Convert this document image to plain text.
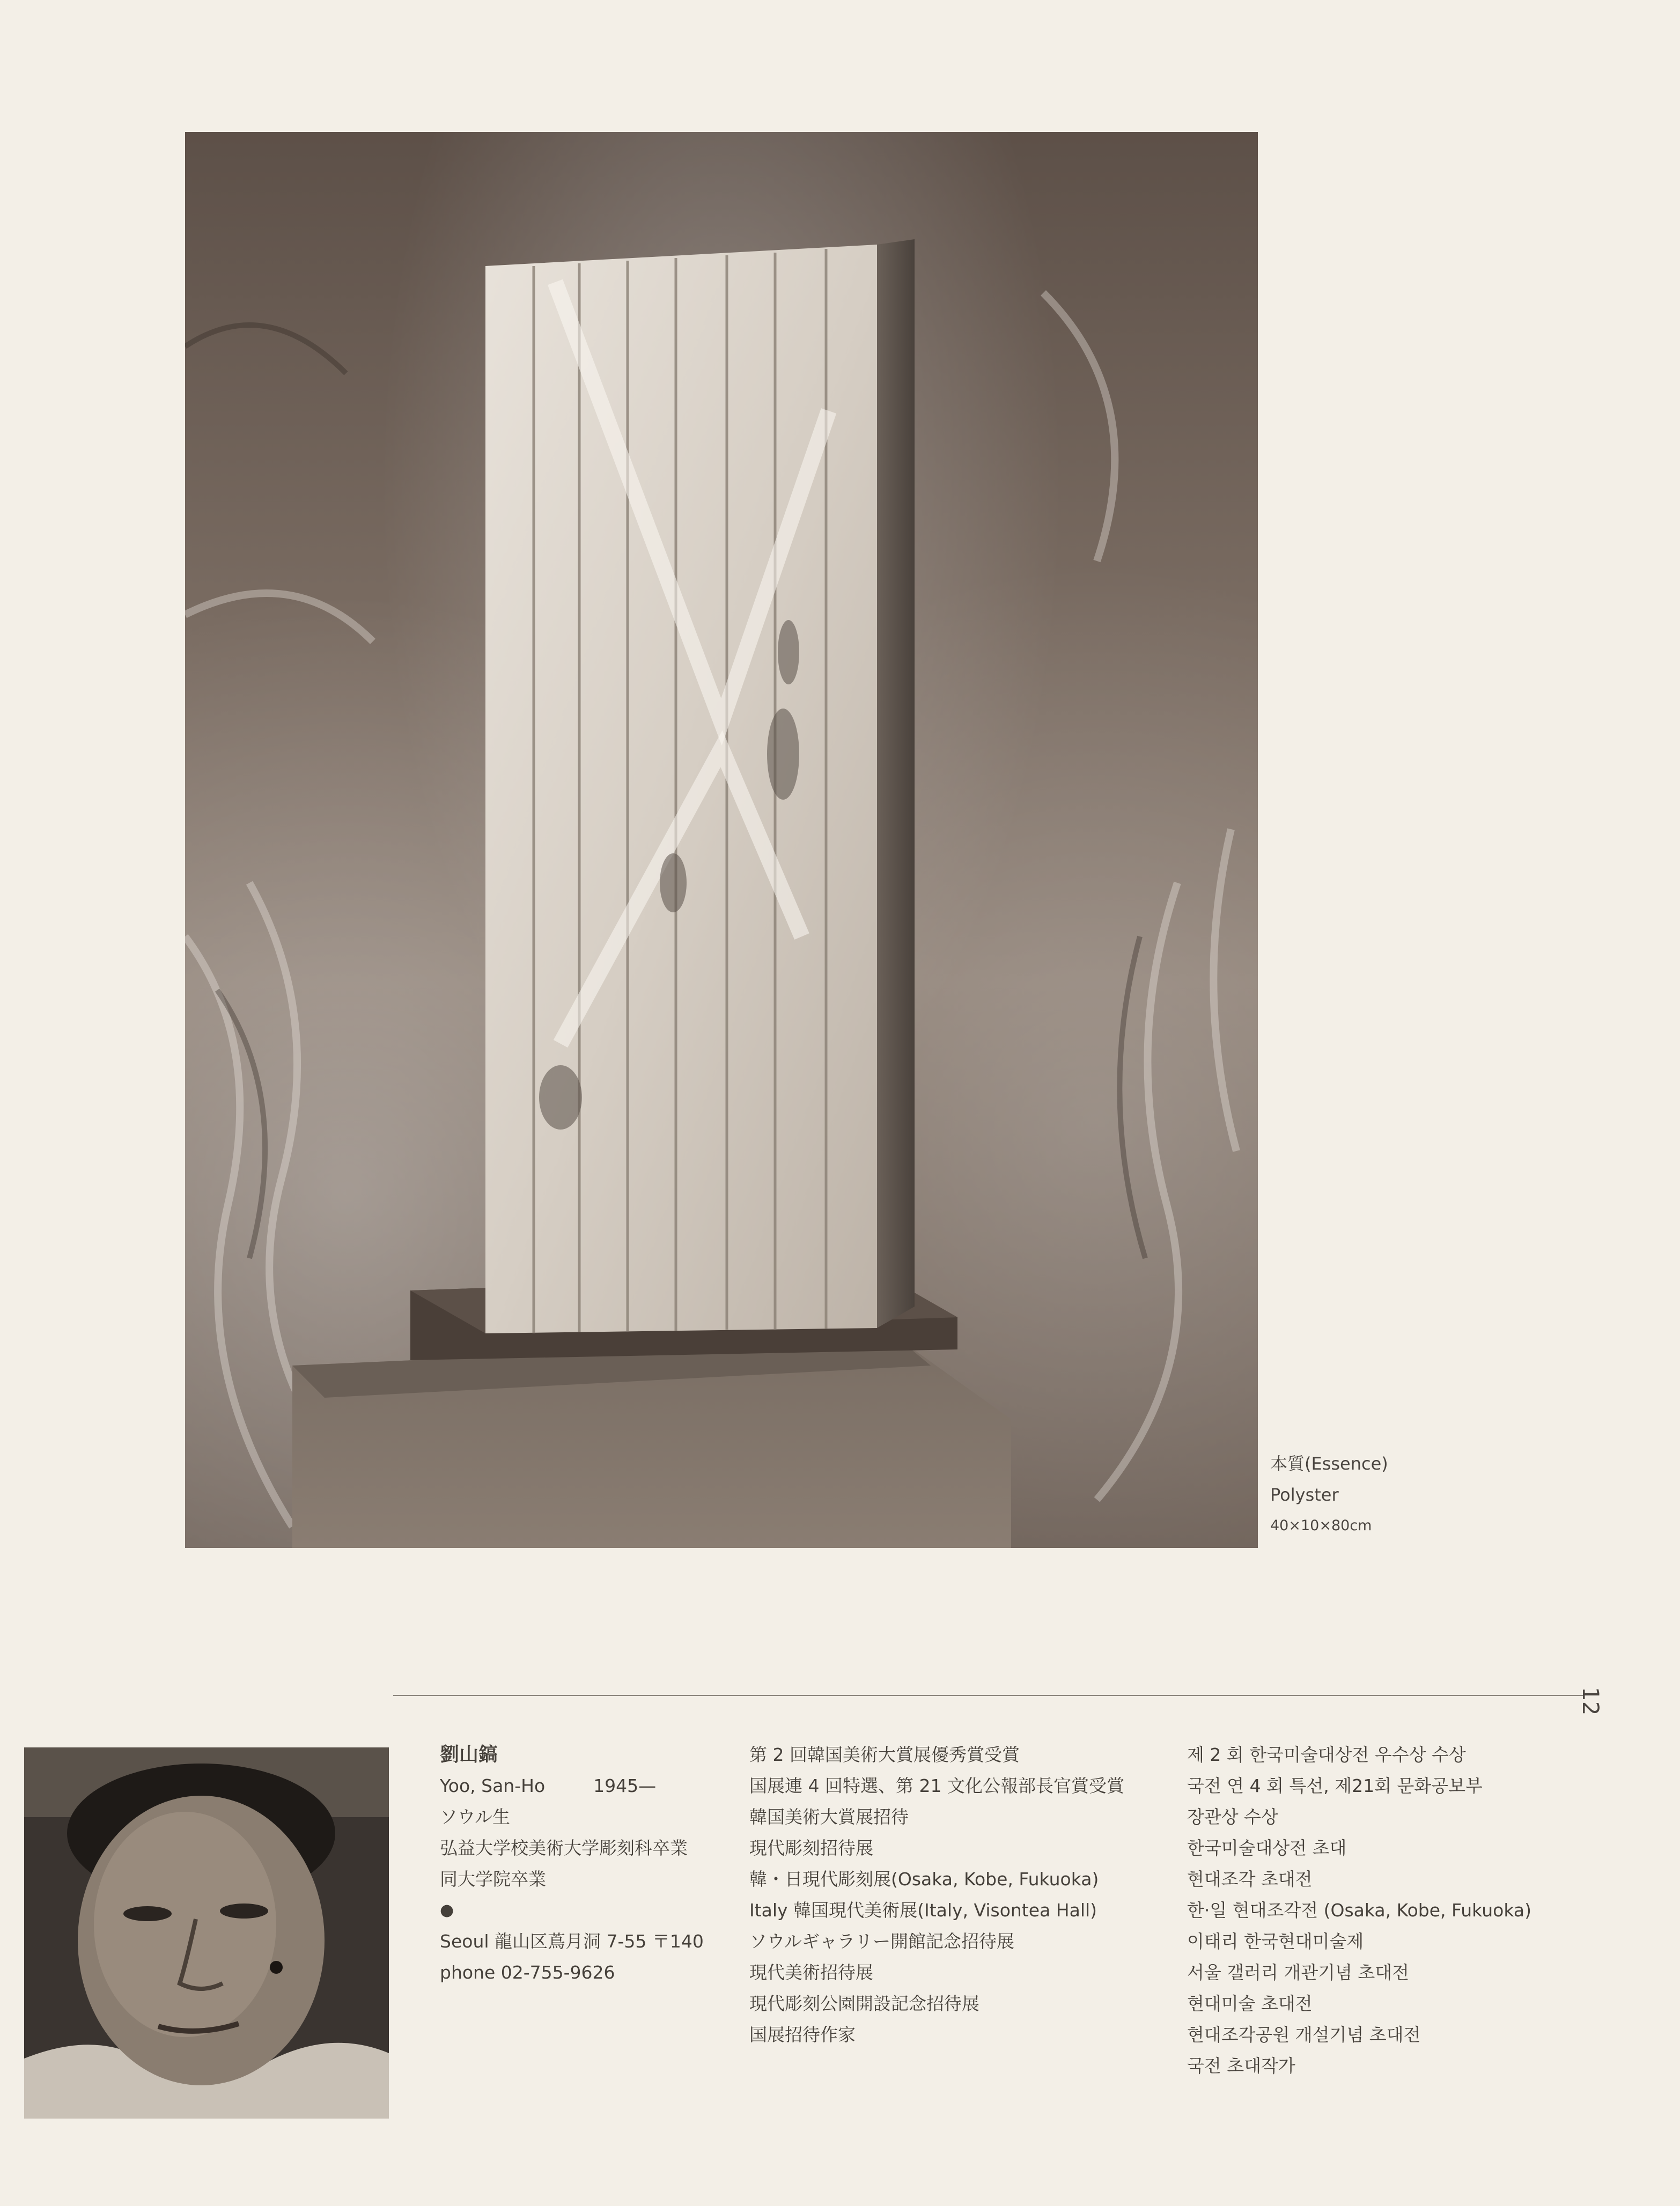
本質(Essence)
Polyster
40×10×80cm
12
劉山鎬
Yoo, San-Ho	1945—
ソウル生
弘益大学校美術大学彫刻科卒業
同大学院卒業
●
Seoul 龍山区蔦月洞 7-55 〒140
phone 02-755-9626
第 2 回韓国美術大賞展優秀賞受賞
国展連 4 回特選、第 21 文化公報部長官賞受賞
韓国美術大賞展招待
現代彫刻招待展
韓・日現代彫刻展(Osaka, Kobe, Fukuoka)
Italy 韓国現代美術展(Italy, Visontea Hall)
ソウルギャラリー開館記念招待展
現代美術招待展
現代彫刻公園開設記念招待展
国展招待作家
제 2 회 한국미술대상전 우수상 수상
국전 연 4 회 특선, 제21회 문화공보부
장관상 수상
한국미술대상전 초대
현대조각 초대전
한·일 현대조각전 (Osaka, Kobe, Fukuoka)
이태리 한국현대미술제
서울 갤러리 개관기념 초대전
현대미술 초대전
현대조각공원 개설기념 초대전
국전 초대작가
